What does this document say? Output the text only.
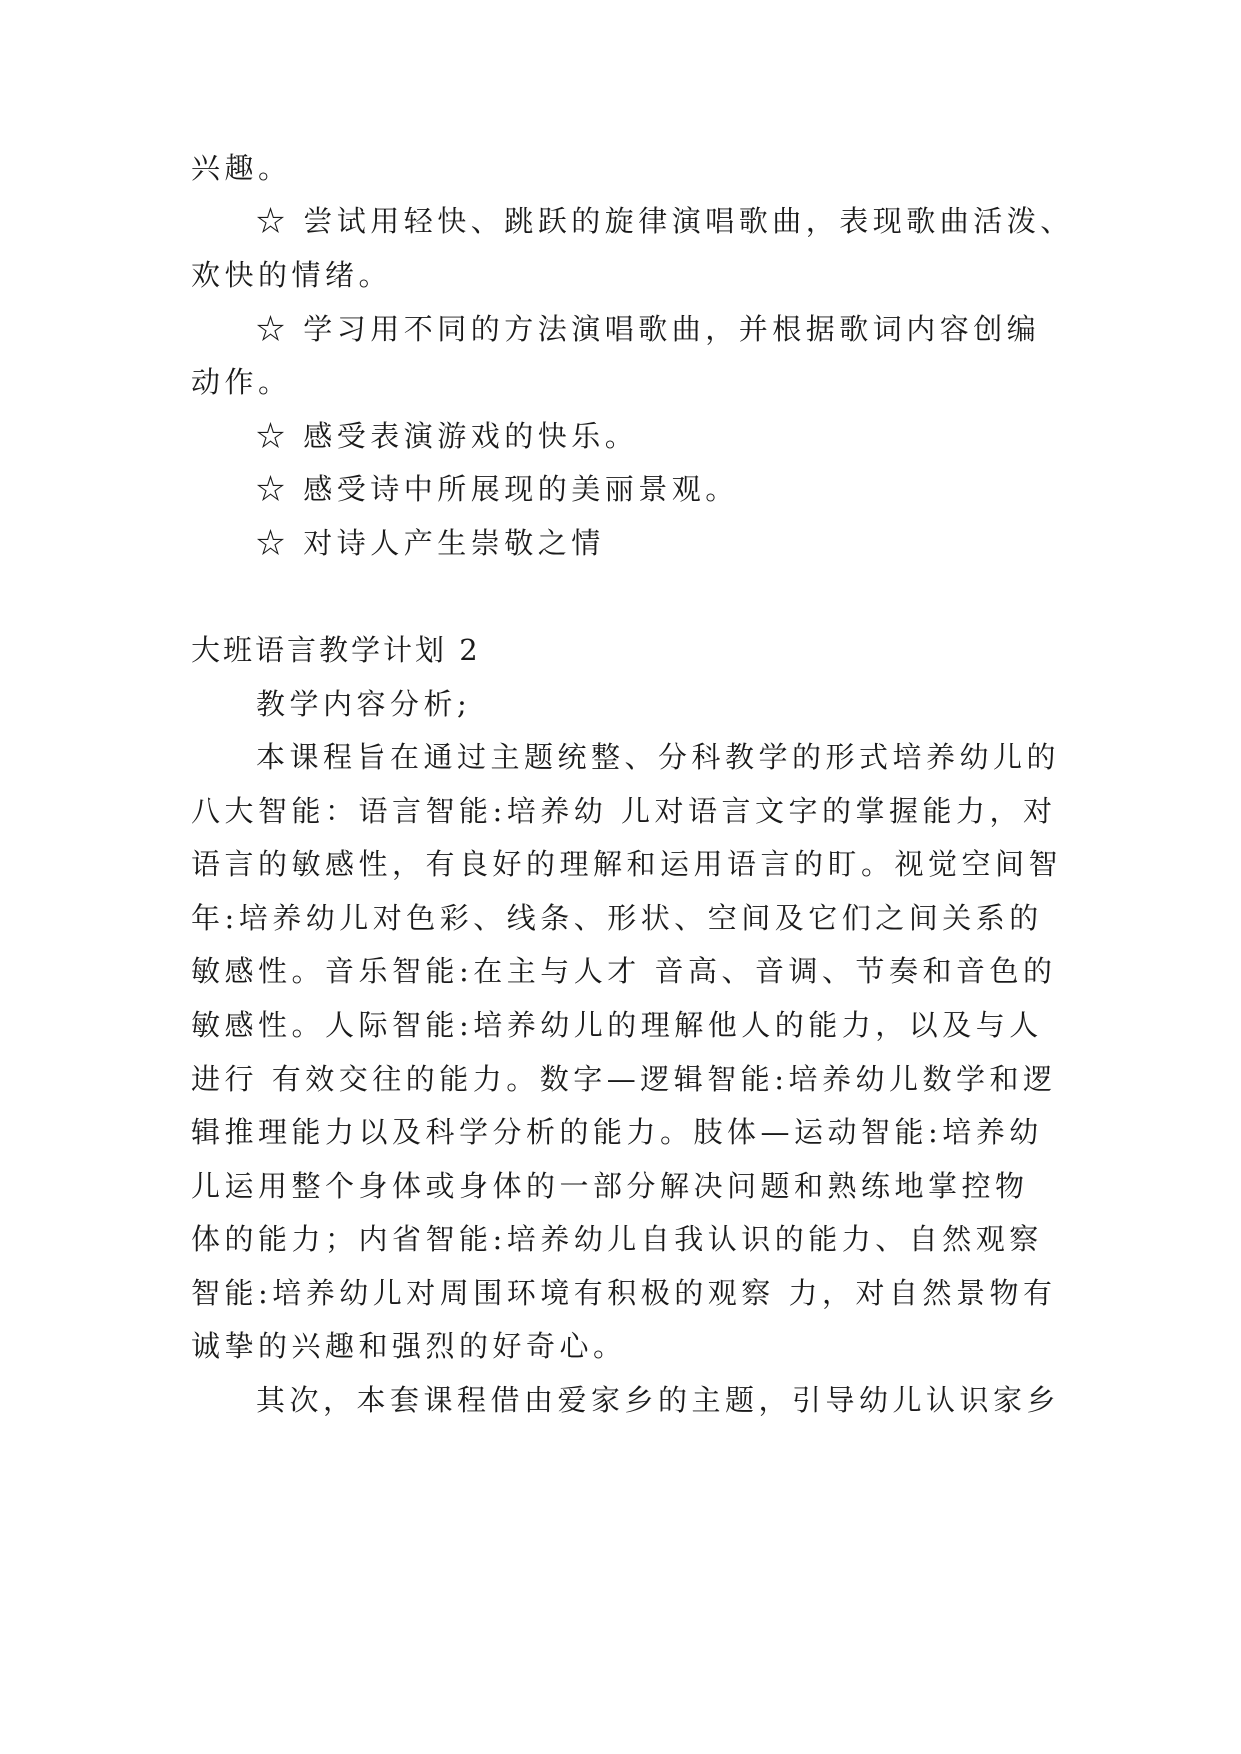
兴趣。

☆ 尝试用轻快、跳跃的旋律演唱歌曲，表现歌曲活泼、

欢快的情绪。

☆ 学习用不同的方法演唱歌曲，并根据歌词内容创编

动作。

☆ 感受表演游戏的快乐。

☆ 感受诗中所展现的美丽景观。

☆ 对诗人产生崇敬之情

大班语言教学计划 2

教学内容分析;

本课程旨在通过主题统整、分科教学的形式培养幼儿的

八大智能：语言智能:培养幼 儿对语言文字的掌握能力，对

语言的敏感性，有良好的理解和运用语言的盯。视觉空间智

年:培养幼儿对色彩、线条、形状、空间及它们之间关系的

敏感性。音乐智能:在主与人才 音高、音调、节奏和音色的

敏感性。人际智能:培养幼儿的理解他人的能力，以及与人

进行 有效交往的能力。数字—逻辑智能:培养幼儿数学和逻

辑推理能力以及科学分析的能力。肢体—运动智能:培养幼

儿运用整个身体或身体的一部分解决问题和熟练地掌控物

体的能力；内省智能:培养幼儿自我认识的能力、自然观察

智能:培养幼儿对周围环境有积极的观察 力，对自然景物有

诚挚的兴趣和强烈的好奇心。

其次，本套课程借由爱家乡的主题，引导幼儿认识家乡
